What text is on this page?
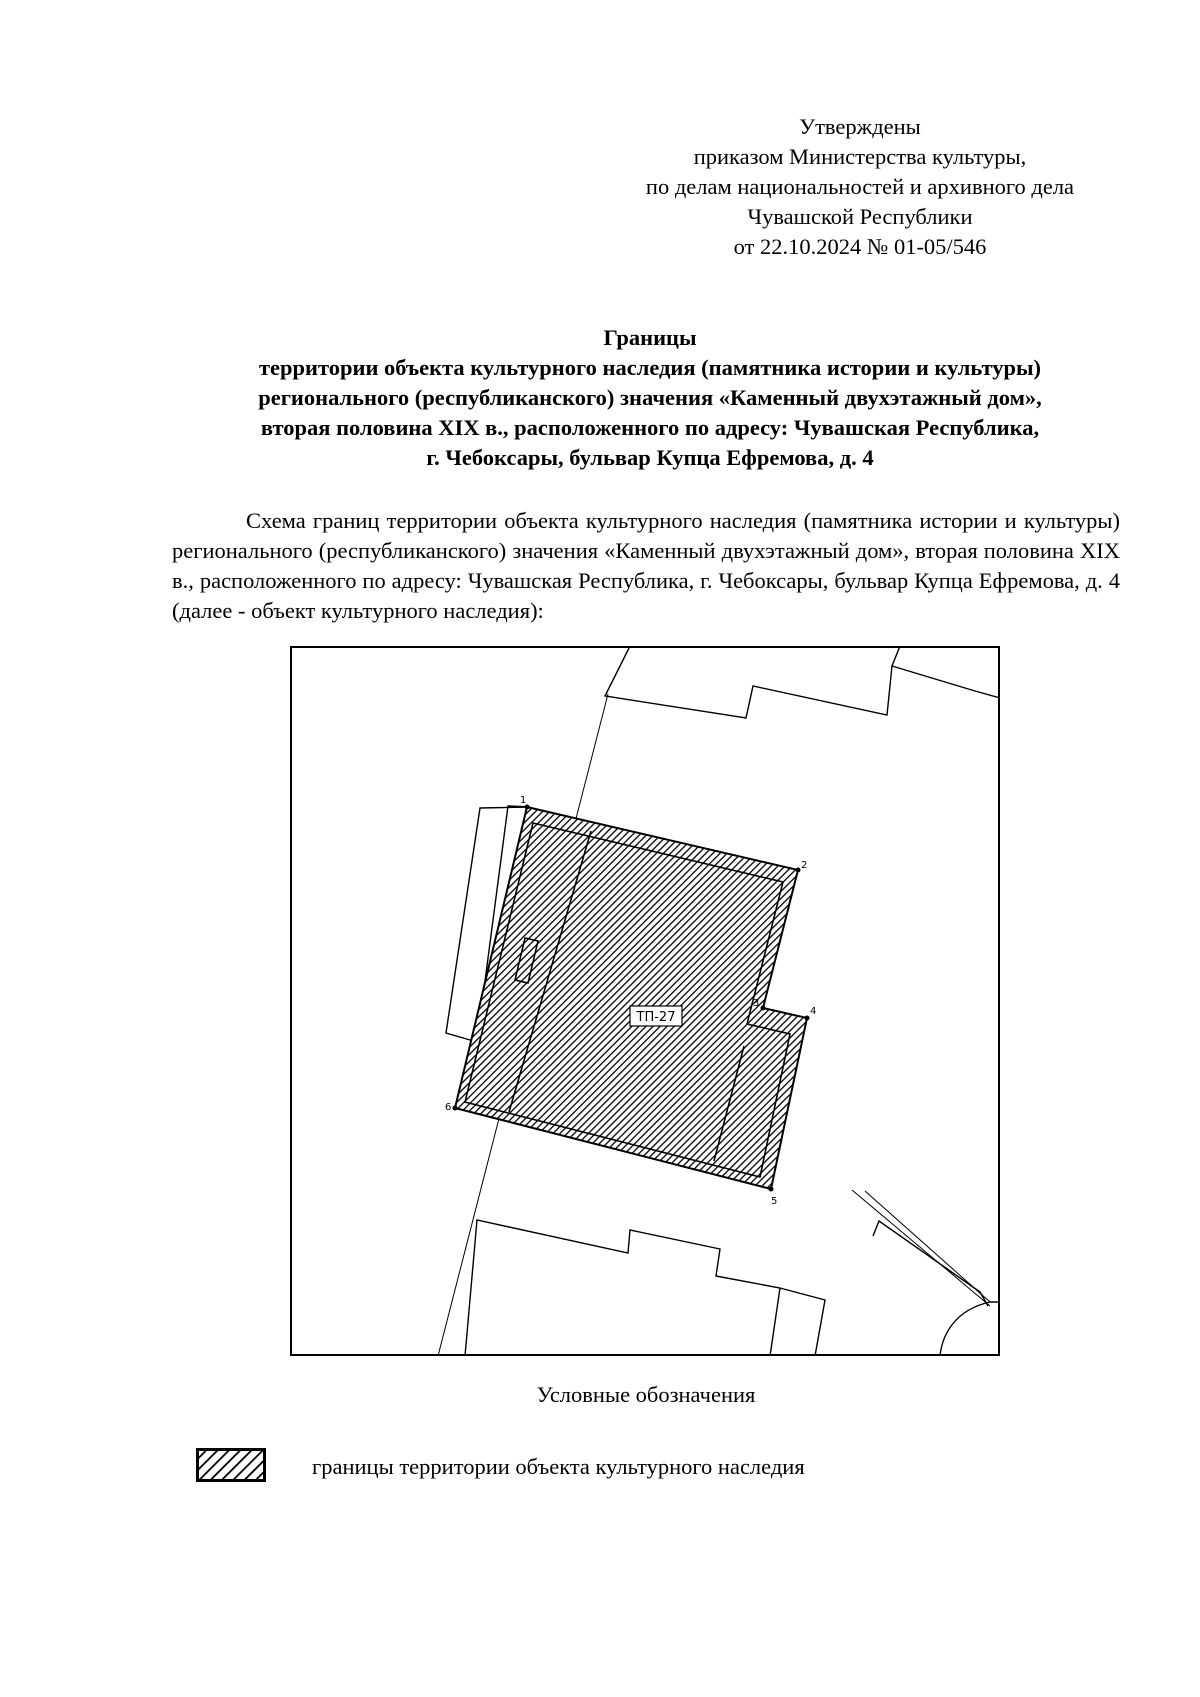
Утверждены
приказом Министерства культуры,
по делам национальностей и архивного дела
Чувашской Республики
от 22.10.2024 № 01-05/546
Границы
территории объекта культурного наследия (памятника истории и культуры)
регионального (республиканского) значения «Каменный двухэтажный дом»,
вторая половина XIX в., расположенного по адресу: Чувашская Республика,
г. Чебоксары, бульвар Купца Ефремова, д. 4
Схема границ территории объекта культурного наследия (памятника истории и культуры) регионального (республиканского) значения «Каменный двухэтажный дом», вторая половина XIX в., расположенного по адресу: Чувашская Республика, г. Чебоксары, бульвар Купца Ефремова, д. 4 (далее - объект культурного наследия):
ТП-27
1
2
3
4
5
6
Условные обозначения
границы территории объекта культурного наследия
